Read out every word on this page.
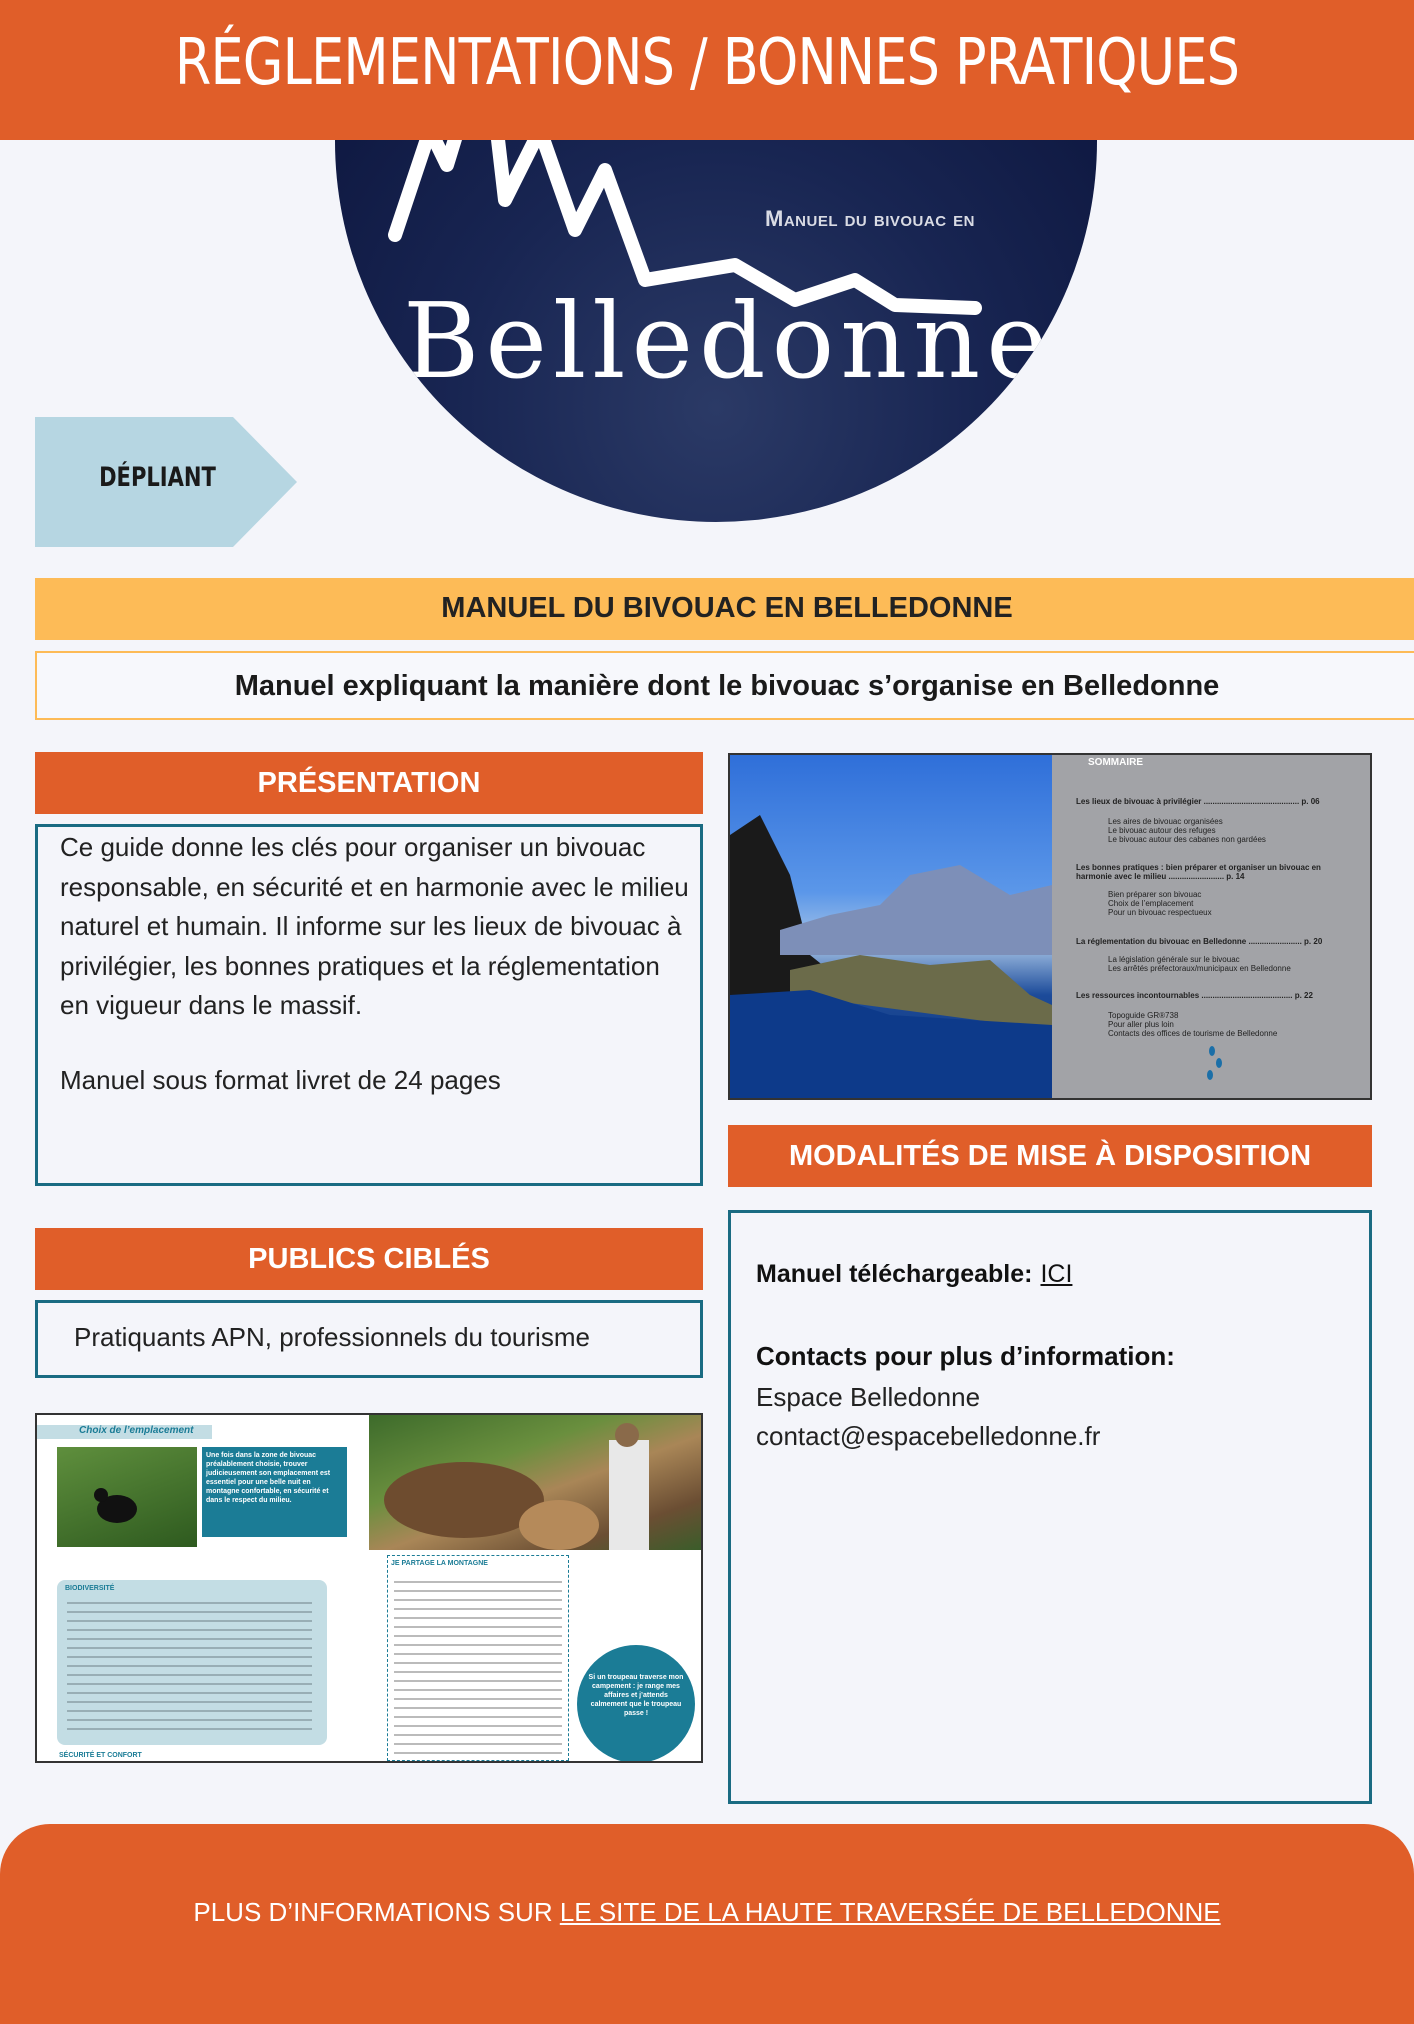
RÉGLEMENTATIONS / BONNES PRATIQUES
Manuel du bivouac en
Belledonne
DÉPLIANT
MANUEL DU BIVOUAC EN BELLEDONNE
Manuel expliquant la manière dont le bivouac s’organise en Belledonne
PRÉSENTATION
Ce guide donne les clés pour organiser un bivouac responsable, en sécurité et en harmonie avec le milieu naturel et humain. Il informe sur les lieux de bivouac à privilégier, les bonnes pratiques et la réglementation en vigueur dans le massif.
Manuel sous format livret de 24 pages
SOMMAIRE
Les lieux de bivouac à privilégier ........................................... p. 06
Les aires de bivouac organisées
Le bivouac autour des refuges
Le bivouac autour des cabanes non gardées
Les bonnes pratiques : bien préparer et organiser un bivouac en harmonie avec le milieu ......................... p. 14
Bien préparer son bivouac
Choix de l’emplacement
Pour un bivouac respectueux
La réglementation du bivouac en Belledonne ........................ p. 20
La législation générale sur le bivouac
Les arrêtés préfectoraux/municipaux en Belledonne
Les ressources incontournables ......................................... p. 22
Topoguide GR®738
Pour aller plus loin
Contacts des offices de tourisme de Belledonne
MODALITÉS DE MISE À DISPOSITION
Manuel téléchargeable: ICI
Contacts pour plus d’information:
Espace Belledonne
contact@espacebelledonne.fr
PUBLICS CIBLÉS
Pratiquants APN, professionnels du tourisme
Choix de l’emplacement
Une fois dans la zone de bivouac préalablement choisie, trouver judicieusement son emplacement est essentiel pour une belle nuit en montagne confortable, en sécurité et dans le respect du milieu.
BIODIVERSITÉ
SÉCURITÉ ET CONFORT
JE PARTAGE LA MONTAGNE
Si un troupeau traverse mon campement : je range mes affaires et j’attends calmement que le troupeau passe !
PLUS D’INFORMATIONS SUR LE SITE DE LA HAUTE TRAVERSÉE DE BELLEDONNE
